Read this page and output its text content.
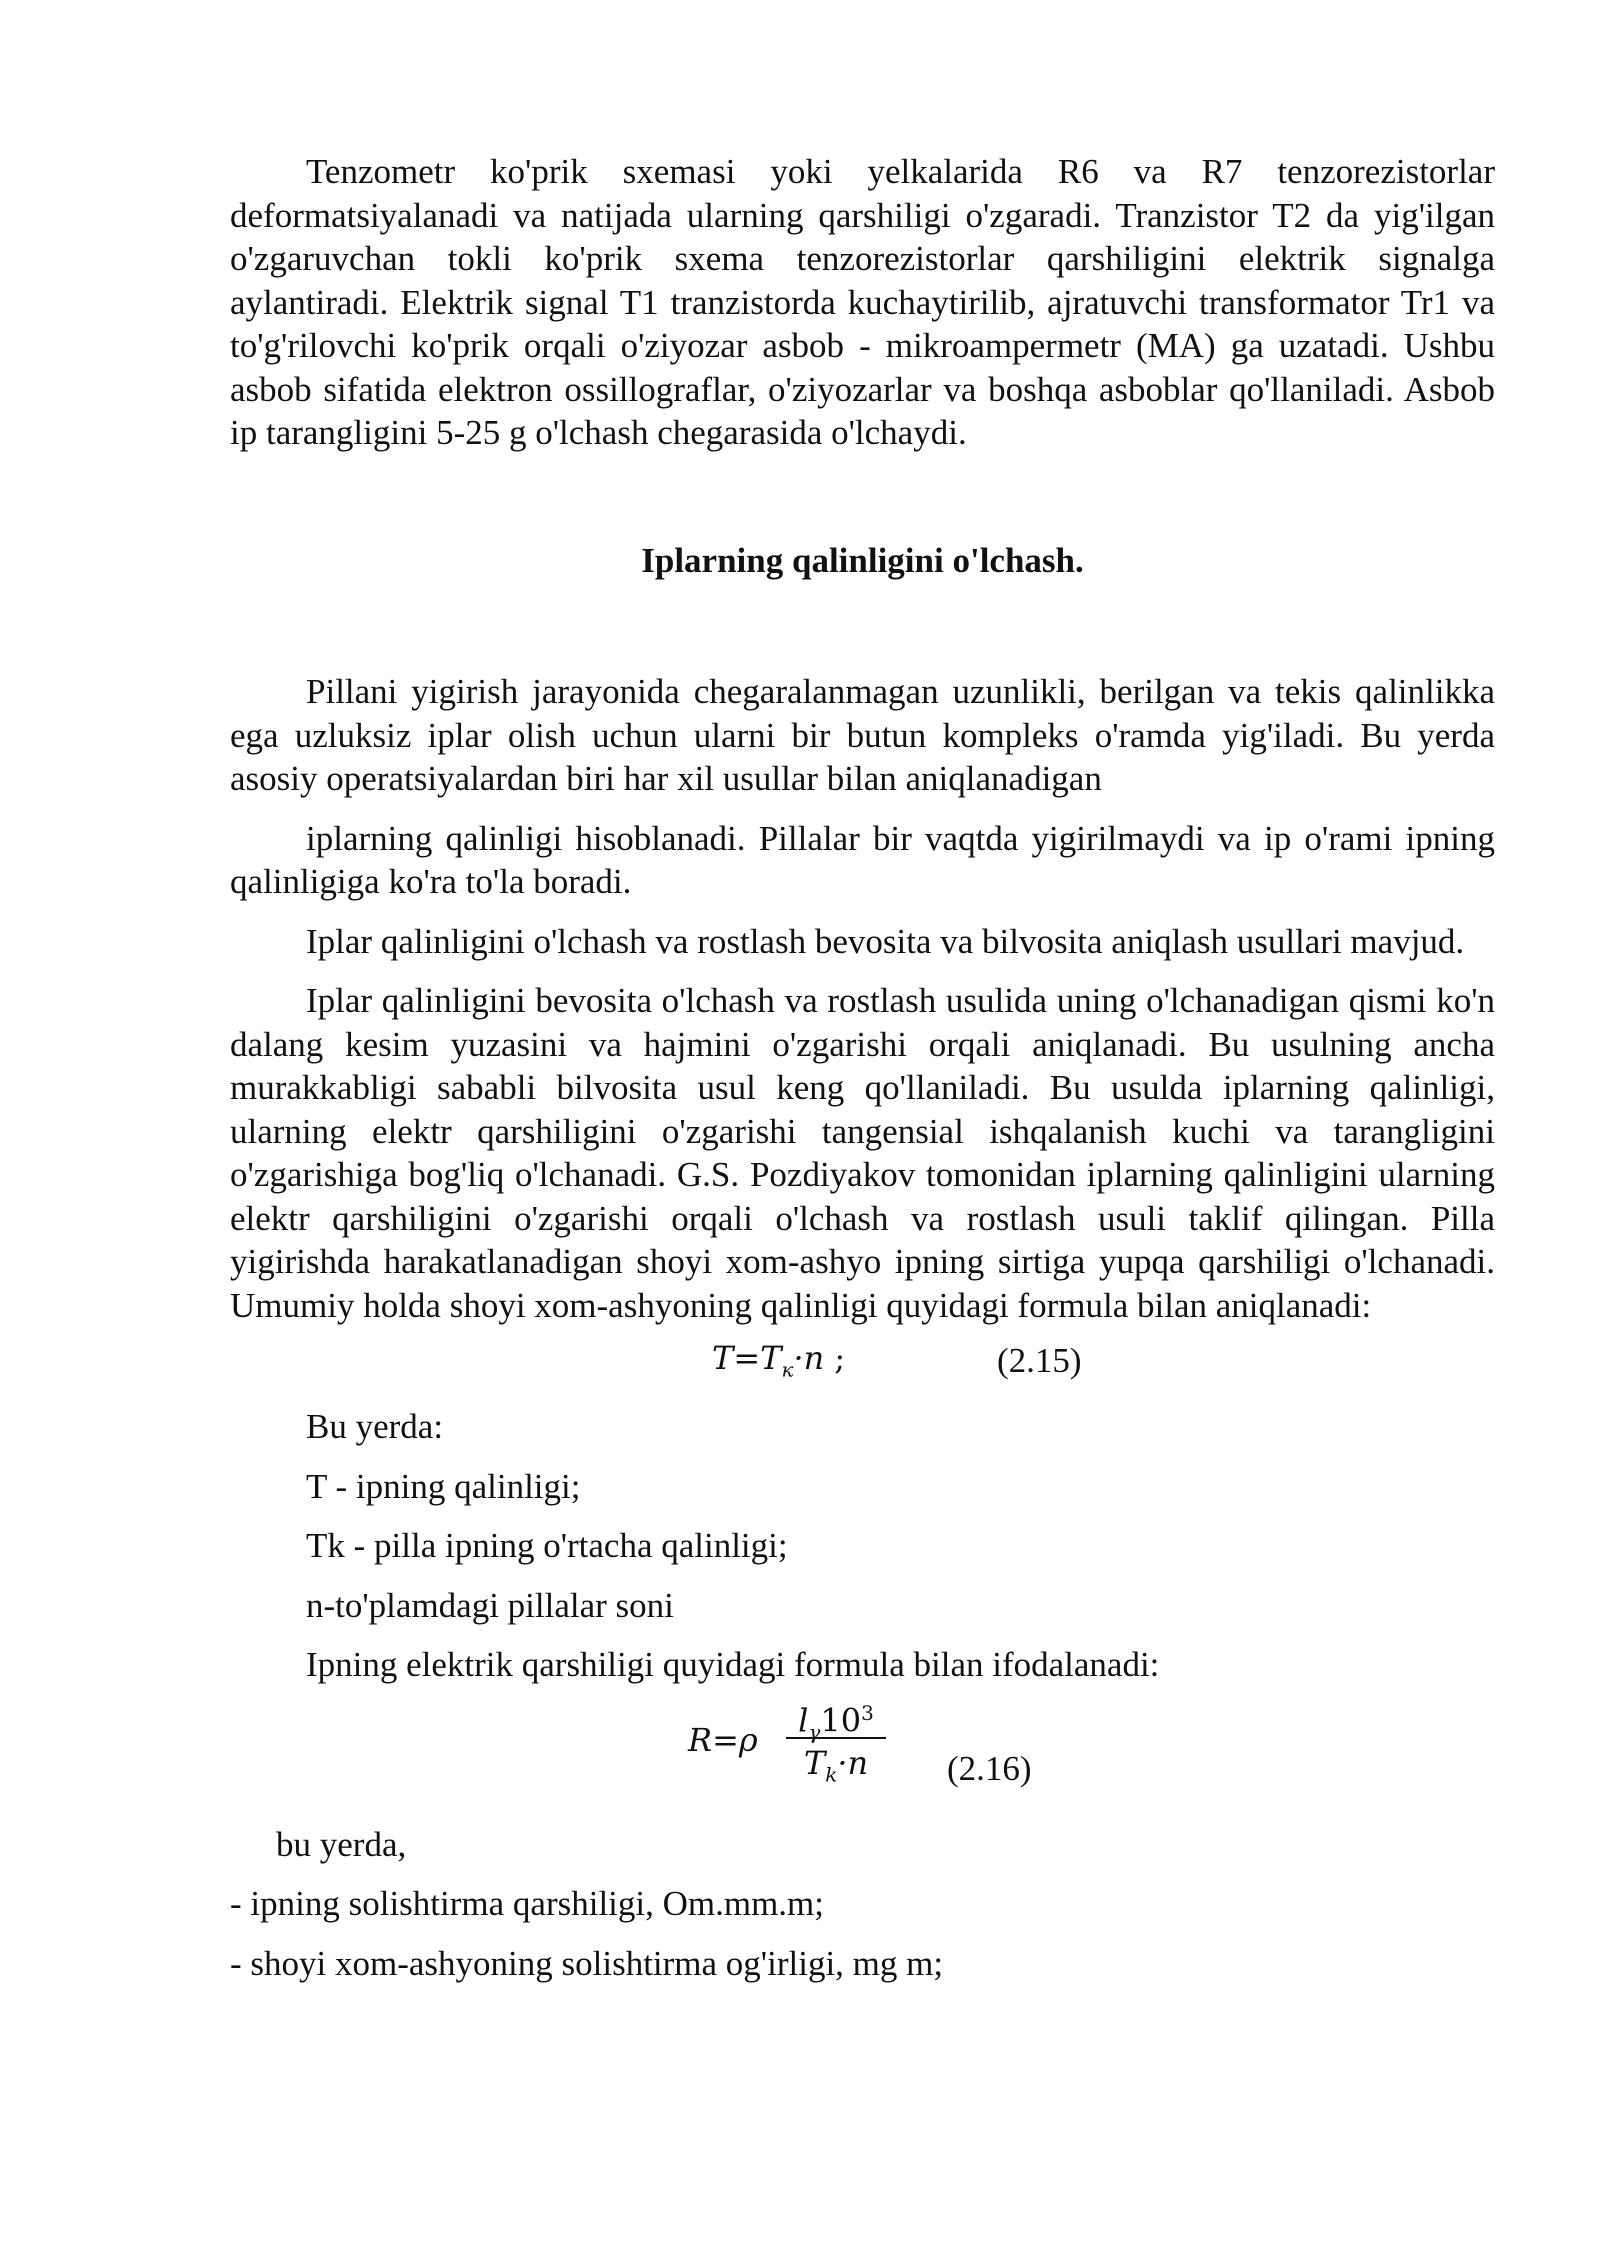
Tenzometr ko'prik sxemasi yoki yelkalarida R6 va R7 tenzorezistorlar deformatsiyalanadi va natijada ularning qarshiligi o'zgaradi. Tranzistor T2 da yig'ilgan o'zgaruvchan tokli ko'prik sxema tenzorezistorlar qarshiligini elektrik signalga aylantiradi. Elektrik signal T1 tranzistorda kuchaytirilib, ajratuvchi transformator Tr1 va to'g'rilovchi ko'prik orqali o'ziyozar asbob - mikroampermetr (MA) ga uzatadi. Ushbu asbob sifatida elektron ossillograflar, o'ziyozarlar va boshqa asboblar qo'llaniladi. Asbob ip tarangligini 5-25 g o'lchash chegarasida o'lchaydi.

Iplarning qalinligini o'lchash.

Pillani yigirish jarayonida chegaralanmagan uzunlikli, berilgan va tekis qalinlikka ega uzluksiz iplar olish uchun ularni bir butun kompleks o'ramda yig'iladi. Bu yerda asosiy operatsiyalardan biri har xil usullar bilan aniqlanadigan

iplarning qalinligi hisoblanadi. Pillalar bir vaqtda yigirilmaydi va ip o'rami ipning qalinligiga ko'ra to'la boradi.

Iplar qalinligini o'lchash va rostlash bevosita va bilvosita aniqlash usullari mavjud.

Iplar qalinligini bevosita o'lchash va rostlash usulida uning o'lchanadigan qismi ko'n dalang kesim yuzasini va hajmini o'zgarishi orqali aniqlanadi. Bu usulning ancha murakkabligi sababli bilvosita usul keng qo'llaniladi. Bu usulda iplarning qalinligi, ularning elektr qarshiligini o'zgarishi tangensial ishqalanish kuchi va tarangligini o'zgarishiga bog'liq o'lchanadi. G.S. Pozdiyakov tomonidan iplarning qalinligini ularning elektr qarshiligini o'zgarishi orqali o'lchash va rostlash usuli taklif qilingan. Pilla yigirishda harakatlanadigan shoyi xom-ashyo ipning sirtiga yupqa qarshiligi o'lchanadi. Umumiy holda shoyi xom-ashyoning qalinligi quyidagi formula bilan aniqlanadi:

$T=T_к\cdot n$ ;	(2.15)

Bu yerda:

T - ipning qalinligi;

Tk - pilla ipning o'rtacha qalinligi;

n-to'plamdagi pillalar soni

Ipning elektrik qarshiligi quyidagi formula bilan ifodalanadi:

R=ρ
$l_\gamma 10^3$
$T_k\cdot n$	(2.16)

bu yerda,

- ipning solishtirma qarshiligi, Om.mm.m;

- shoyi xom-ashyoning solishtirma og'irligi, mg m;
